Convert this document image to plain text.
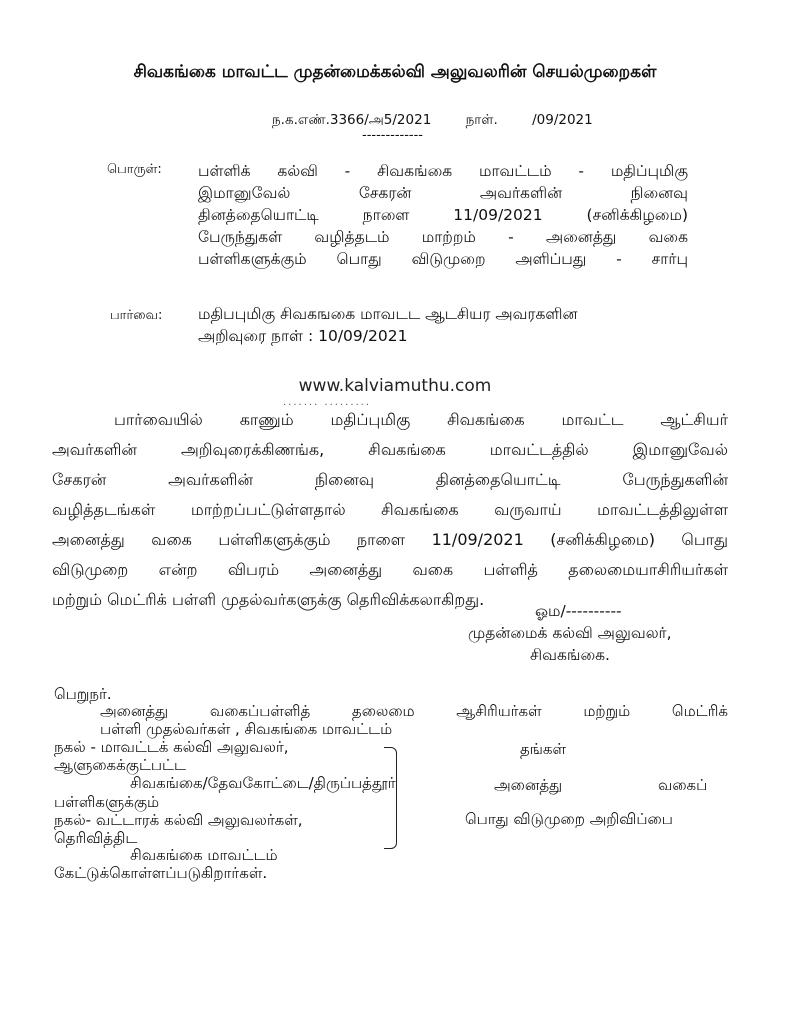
சிவகங்கை மாவட்ட முதன்மைக்கல்வி அலுவலரின் செயல்முறைகள்
ந.க.எண்.3366/அ5/2021	நாள்.	/09/2021
-------------
பொருள்: பள்ளிக் கல்வி - சிவகங்கை மாவட்டம் - மதிப்புமிகு
இமானுவேல் சேகரன் அவர்களின் நினைவு
தினத்தையொட்டி நாளை 11/09/2021 (சனிக்கிழமை)
பேருந்துகள் வழித்தடம் மாற்றம் - அனைத்து வகை
பள்ளிகளுக்கும் பொது விடுமுறை அளிப்பது - சார்பு
பார்வை: மதிபபுமிகு சிவகஙகை மாவடட ஆடசியர அவரகளின
அறிவுரை நாள் : 10/09/2021
www.kalviamuthu.com
....... .........
பார்வையில் காணும் மதிப்புமிகு சிவகங்கை மாவட்ட ஆட்சியர்
அவர்களின் அறிவுரைக்கிணங்க, சிவகங்கை மாவட்டத்தில் இமானுவேல்
சேகரன் அவர்களின் நினைவு தினத்தையொட்டி பேருந்துகளின்
வழித்தடங்கள் மாற்றப்பட்டுள்ளதால் சிவகங்கை வருவாய் மாவட்டத்திலுள்ள
அனைத்து வகை பள்ளிகளுக்கும் நாளை 11/09/2021 (சனிக்கிழமை) பொது
விடுமுறை என்ற விபரம் அனைத்து வகை பள்ளித் தலைமையாசிரியர்கள்
மற்றும் மெட்ரிக் பள்ளி முதல்வர்களுக்கு தெரிவிக்கலாகிறது.
ஓம/----------
முதன்மைக் கல்வி அலுவலர்,
சிவகங்கை.
பெறுநர்.
அனைத்து வகைப்பள்ளித் தலைமை ஆசிரியர்கள் மற்றும் மெட்ரிக்
பள்ளி முதல்வர்கள் , சிவகங்கை மாவட்டம்
நகல் - மாவட்டக் கல்வி அலுவலர்,
ஆளுகைக்குட்பட்ட
சிவகங்கை/தேவகோட்டை/திருப்பத்தூர்
பள்ளிகளுக்கும்
நகல்- வட்டாரக் கல்வி அலுவலர்கள்,
தெரிவித்திட
சிவகங்கை மாவட்டம்
கேட்டுக்கொள்ளப்படுகிறார்கள்.
தங்கள்
அனைத்து	வகைப்
பொது விடுமுறை அறிவிப்பை
